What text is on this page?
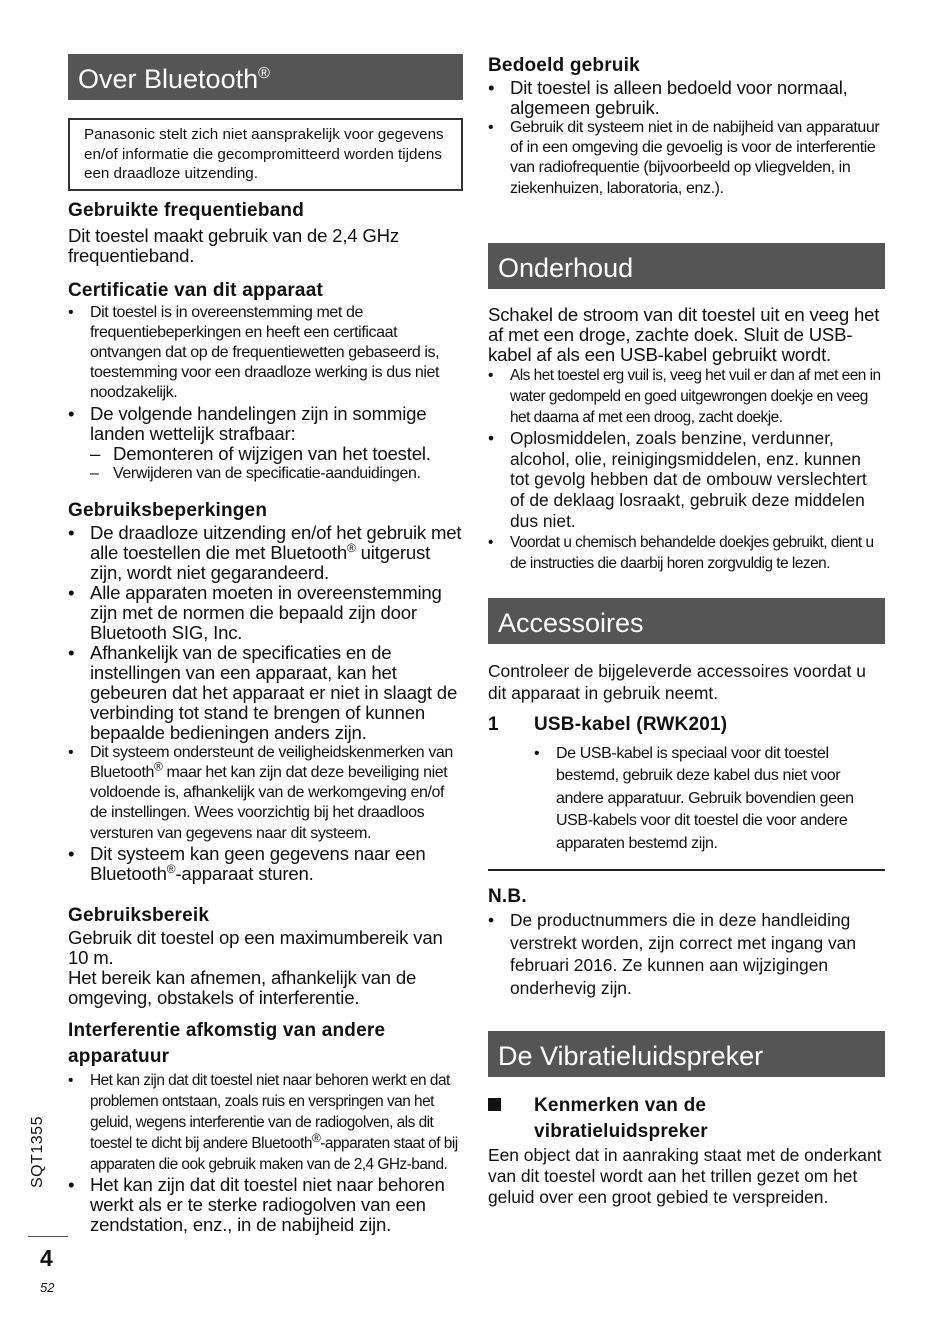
Over Bluetooth®
Panasonic stelt zich niet aansprakelijk voor gegevens en/of informatie die gecompromitteerd worden tijdens een draadloze uitzending.
Gebruikte frequentieband

Dit toestel maakt gebruik van de 2,4 GHz frequentieband.

Certificatie van dit apparaat
• Dit toestel is in overeenstemming met de frequentiebeperkingen en heeft een certificaat ontvangen dat op de frequentiewetten gebaseerd is, toestemming voor een draadloze werking is dus niet noodzakelijk.
• De volgende handelingen zijn in sommige landen wettelijk strafbaar:
– Demonteren of wijzigen van het toestel.
– Verwijderen van de specificatie-aanduidingen.
Gebruiksbeperkingen
• De draadloze uitzending en/of het gebruik met alle toestellen die met Bluetooth® uitgerust zijn, wordt niet gegarandeerd.
• Alle apparaten moeten in overeenstemming zijn met de normen die bepaald zijn door Bluetooth SIG, Inc.
• Afhankelijk van de specificaties en de instellingen van een apparaat, kan het gebeuren dat het apparaat er niet in slaagt de verbinding tot stand te brengen of kunnen bepaalde bedieningen anders zijn.
• Dit systeem ondersteunt de veiligheidskenmerken van Bluetooth® maar het kan zijn dat deze beveiliging niet voldoende is, afhankelijk van de werkomgeving en/of de instellingen. Wees voorzichtig bij het draadloos versturen van gegevens naar dit systeem.
• Dit systeem kan geen gegevens naar een Bluetooth®-apparaat sturen.
Gebruiksbereik

Gebruik dit toestel op een maximumbereik van 10 m.

Het bereik kan afnemen, afhankelijk van de omgeving, obstakels of interferentie.

Interferentie afkomstig van andere apparatuur
• Het kan zijn dat dit toestel niet naar behoren werkt en dat problemen ontstaan, zoals ruis en verspringen van het geluid, wegens interferentie van de radiogolven, als dit toestel te dicht bij andere Bluetooth®-apparaten staat of bij apparaten die ook gebruik maken van de 2,4 GHz-band.
• Het kan zijn dat dit toestel niet naar behoren werkt als er te sterke radiogolven van een zendstation, enz., in de nabijheid zijn.
SQT1355
4
52
Bedoeld gebruik
• Dit toestel is alleen bedoeld voor normaal, algemeen gebruik.
• Gebruik dit systeem niet in de nabijheid van apparatuur of in een omgeving die gevoelig is voor de interferentie van radiofrequentie (bijvoorbeeld op vliegvelden, in ziekenhuizen, laboratoria, enz.).
Onderhoud

Schakel de stroom van dit toestel uit en veeg het af met een droge, zachte doek. Sluit de USB-kabel af als een USB-kabel gebruikt wordt.

• Als het toestel erg vuil is, veeg het vuil er dan af met een in water gedompeld en goed uitgewrongen doekje en veeg het daarna af met een droog, zacht doekje.
• Oplosmiddelen, zoals benzine, verdunner, alcohol, olie, reinigingsmiddelen, enz. kunnen tot gevolg hebben dat de ombouw verslechtert of de deklaag losraakt, gebruik deze middelen dus niet.
• Voordat u chemisch behandelde doekjes gebruikt, dient u de instructies die daarbij horen zorgvuldig te lezen.
Accessoires

Controleer de bijgeleverde accessoires voordat u dit apparaat in gebruik neemt.

1	USB-kabel (RWK201)
• De USB-kabel is speciaal voor dit toestel bestemd, gebruik deze kabel dus niet voor andere apparatuur. Gebruik bovendien geen USB-kabels voor dit toestel die voor andere apparaten bestemd zijn.
N.B.
• De productnummers die in deze handleiding verstrekt worden, zijn correct met ingang van februari 2016. Ze kunnen aan wijzigingen onderhevig zijn.
De Vibratieluidspreker
Kenmerken van de vibratieluidspreker

Een object dat in aanraking staat met de onderkant van dit toestel wordt aan het trillen gezet om het geluid over een groot gebied te verspreiden.
